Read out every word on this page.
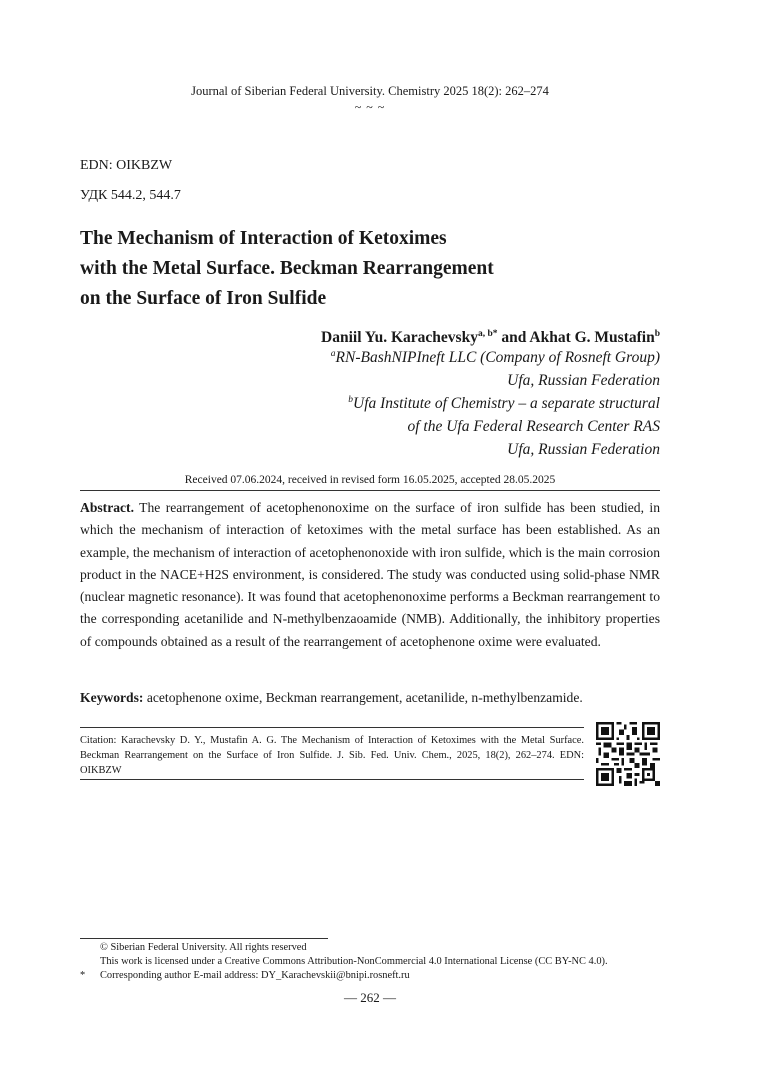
Journal of Siberian Federal University. Chemistry 2025 18(2): 262–274
~ ~ ~
EDN: OIKBZW
УДК 544.2, 544.7
The Mechanism of Interaction of Ketoximes
with the Metal Surface. Beckman Rearrangement
on the Surface of Iron Sulfide
Daniil Yu. Karachevsky$^{a, b*}$ and Akhat G. Mustafin$^b$
$^a$RN-BashNIPIneft LLC (Company of Rosneft Group)
Ufa, Russian Federation
$^b$Ufa Institute of Chemistry – a separate structural
of the Ufa Federal Research Center RAS
Ufa, Russian Federation
Received 07.06.2024, received in revised form 16.05.2025, accepted 28.05.2025
Abstract. The rearrangement of acetophenonoxime on the surface of iron sulfide has been studied, in which the mechanism of interaction of ketoximes with the metal surface has been established. As an example, the mechanism of interaction of acetophenonoxide with iron sulfide, which is the main corrosion product in the NACE+H2S environment, is considered. The study was conducted using solid-phase NMR (nuclear magnetic resonance). It was found that acetophenonoxime performs a Beckman rearrangement to the corresponding acetanilide and N-methylbenzaoamide (NMB). Additionally, the inhibitory properties of compounds obtained as a result of the rearrangement of acetophenone oxime were evaluated.
Keywords: acetophenone oxime, Beckman rearrangement, acetanilide, n-methylbenzamide.
Citation: Karachevsky D. Y., Mustafin A. G. The Mechanism of Interaction of Ketoximes with the Metal Surface. Beckman Rearrangement on the Surface of Iron Sulfide. J. Sib. Fed. Univ. Chem., 2025, 18(2), 262–274. EDN: OIKBZW
© Siberian Federal University. All rights reserved
This work is licensed under a Creative Commons Attribution-NonCommercial 4.0 International License (CC BY-NC 4.0).
* Corresponding author E-mail address: DY_Karachevskii@bnipi.rosneft.ru
― 262 ―
